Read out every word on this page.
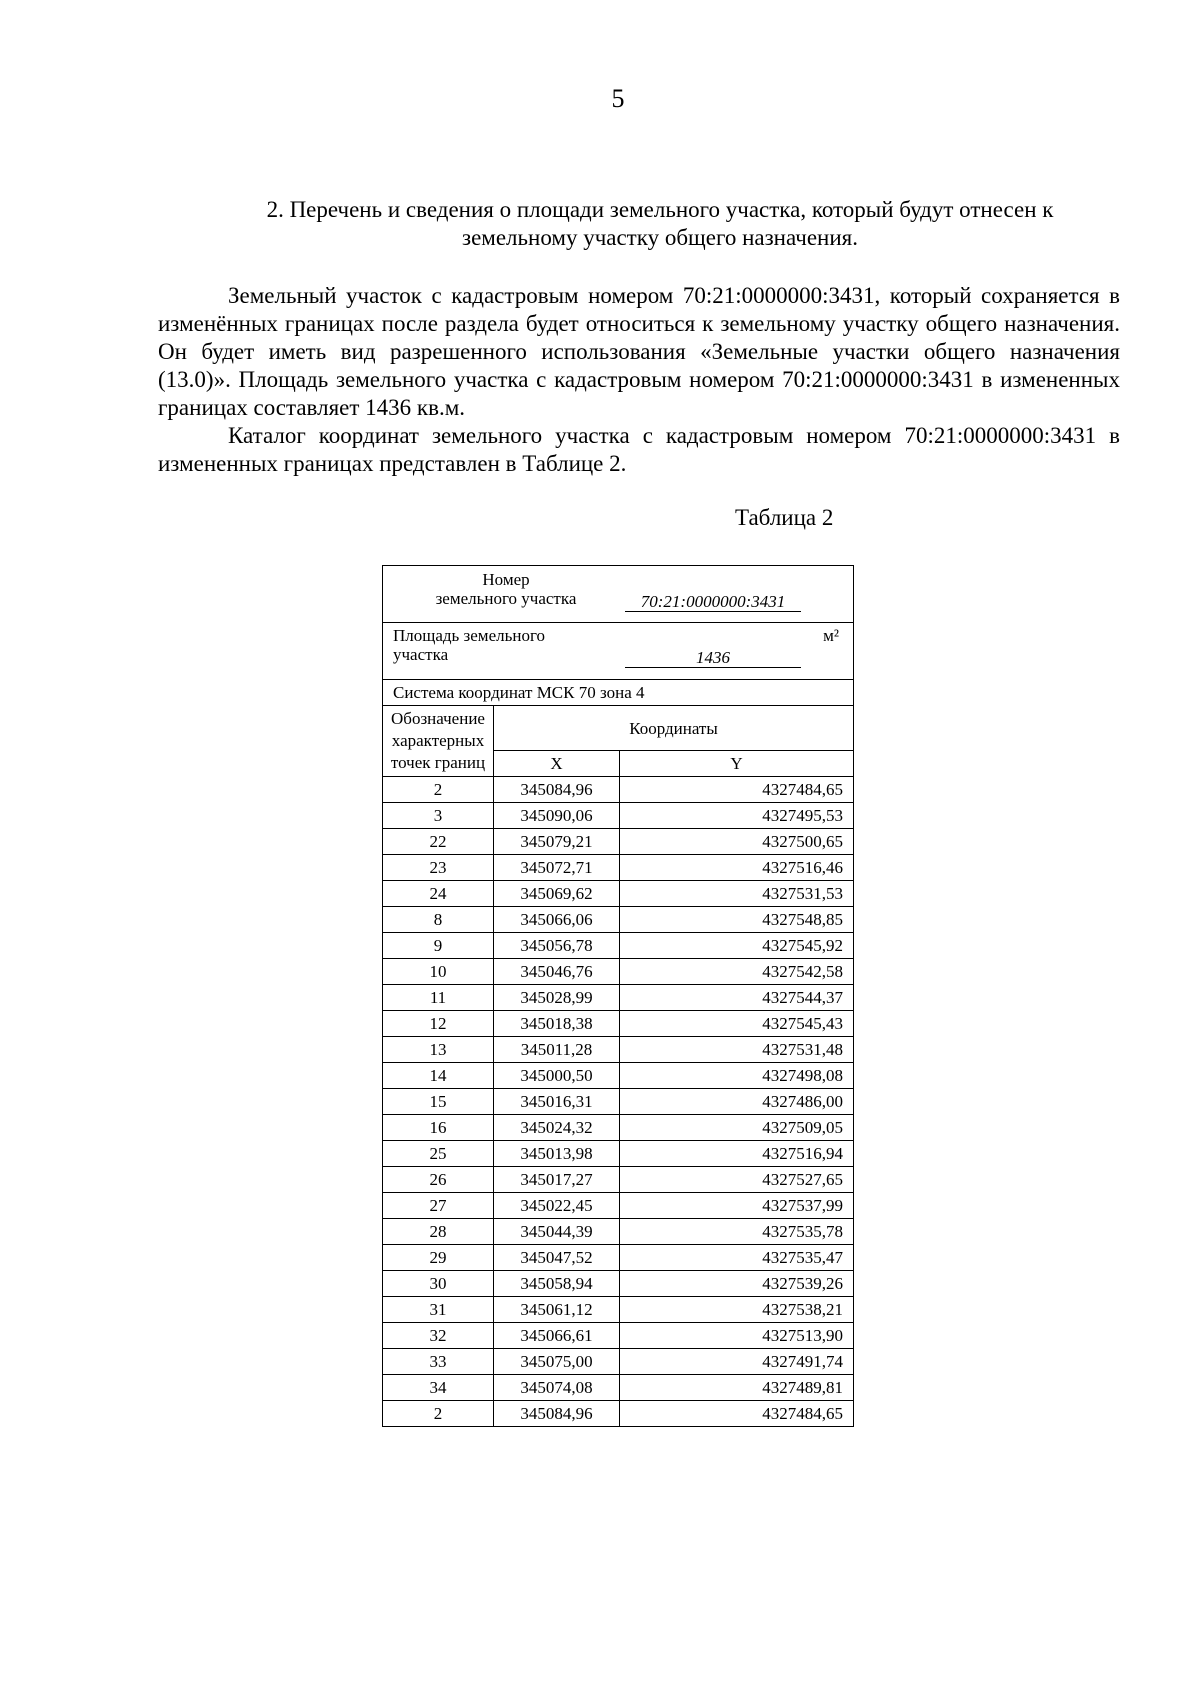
5
2. Перечень и сведения о площади земельного участка, который будут отнесен к
земельному участку общего назначения.

Земельный участок с кадастровым номером 70:21:0000000:3431, который сохраняется в изменённых границах после раздела будет относиться к земельному участку общего назначения. Он будет иметь вид разрешенного использования «Земельные участки общего назначения (13.0)». Площадь земельного участка с кадастровым номером 70:21:0000000:3431 в измененных границах составляет 1436 кв.м.

Каталог координат земельного участка с кадастровым номером 70:21:0000000:3431 в измененных границах представлен в Таблице 2.

Таблица 2
Номер
земельного участка 70:21:0000000:3431		

Площадь земельного
участка 1436
м²		

Система координат МСК 70 зона 4		

Обозначение
характерных
точек границ	Координаты	
	X	Y
2	345084,96	4327484,65
3	345090,06	4327495,53
22	345079,21	4327500,65
23	345072,71	4327516,46
24	345069,62	4327531,53
8	345066,06	4327548,85
9	345056,78	4327545,92
10	345046,76	4327542,58
11	345028,99	4327544,37
12	345018,38	4327545,43
13	345011,28	4327531,48
14	345000,50	4327498,08
15	345016,31	4327486,00
16	345024,32	4327509,05
25	345013,98	4327516,94
26	345017,27	4327527,65
27	345022,45	4327537,99
28	345044,39	4327535,78
29	345047,52	4327535,47
30	345058,94	4327539,26
31	345061,12	4327538,21
32	345066,61	4327513,90
33	345075,00	4327491,74
34	345074,08	4327489,81
2	345084,96	4327484,65
